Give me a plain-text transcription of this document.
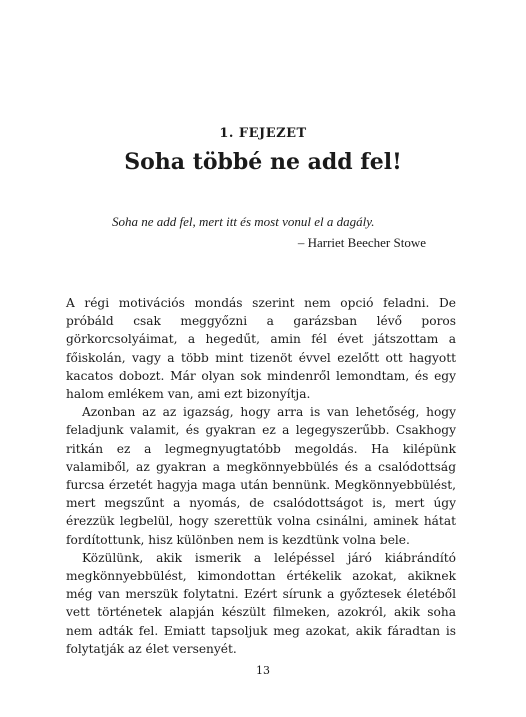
1. FEJEZET
Soha többé ne add fel!
Soha ne add fel, mert itt és most vonul el a dagály.
– Harriet Beecher Stowe

A régi motivációs mondás szerint nem opció feladni. De próbáld csak meggyőzni a garázsban lévő poros görkorcsolyáimat, a hegedűt, amin fél évet játszottam a főiskolán, vagy a több mint tizenöt évvel ezelőtt ott hagyott kacatos dobozt. Már olyan sok mindenről lemondtam, és egy halom emlékem van, ami ezt bizonyítja.

Azonban az az igazság, hogy arra is van lehetőség, hogy feladjunk valamit, és gyakran ez a legegyszerűbb. Csakhogy ritkán ez a legmegnyugtatóbb megoldás. Ha kilépünk valamiből, az gyakran a megkönnyebbülés és a csalódottság furcsa érzetét hagyja maga után bennünk. Megkönnyebbülést, mert megszűnt a nyomás, de csalódottságot is, mert úgy érezzük legbelül, hogy szerettük volna csinálni, aminek hátat fordítottunk, hisz különben nem is kezdtünk volna bele.

Közülünk, akik ismerik a lelépéssel járó kiábrándító megkönnyebbülést, kimondottan értékelik azokat, akiknek még van merszük folytatni. Ezért sírunk a győztesek életéből vett történetek alapján készült filmeken, azokról, akik soha nem adták fel. Emiatt tapsoljuk meg azokat, akik fáradtan is folytatják az élet versenyét.

13
